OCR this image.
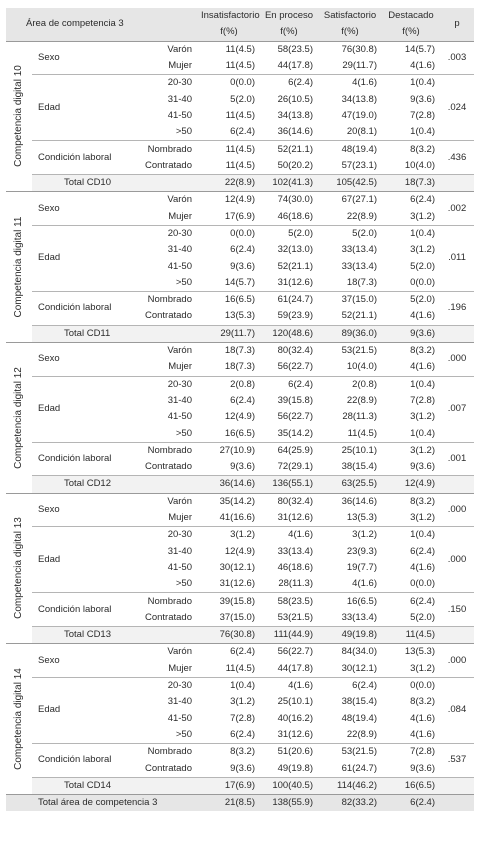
Área de competencia 3			Insatisfactorio	En proceso	Satisfactorio	Destacado	p
			f(%)	f(%)	f(%)	f(%)	

Competencia digital 10	Sexo	Varón	11(4.5)	58(23.5)	76(30.8)	14(5.7)	.003
		Mujer	11(4.5)	44(17.8)	29(11.7)	4(1.6)	
	Edad	20-30	0(0.0)	6(2.4)	4(1.6)	1(0.4)	.024
		31-40	5(2.0)	26(10.5)	34(13.8)	9(3.6)	
		41-50	11(4.5)	34(13.8)	47(19.0)	7(2.8)	
		>50	6(2.4)	36(14.6)	20(8.1)	1(0.4)	
	Condición laboral	Nombrado	11(4.5)	52(21.1)	48(19.4)	8(3.2)	.436
		Contratado	11(4.5)	50(20.2)	57(23.1)	10(4.0)	
	Total CD10		22(8.9)	102(41.3)	105(42.5)	18(7.3)	

Competencia digital 11	Sexo	Varón	12(4.9)	74(30.0)	67(27.1)	6(2.4)	.002
		Mujer	17(6.9)	46(18.6)	22(8.9)	3(1.2)	
	Edad	20-30	0(0.0)	5(2.0)	5(2.0)	1(0.4)	.011
		31-40	6(2.4)	32(13.0)	33(13.4)	3(1.2)	
		41-50	9(3.6)	52(21.1)	33(13.4)	5(2.0)	
		>50	14(5.7)	31(12.6)	18(7.3)	0(0.0)	
	Condición laboral	Nombrado	16(6.5)	61(24.7)	37(15.0)	5(2.0)	.196
		Contratado	13(5.3)	59(23.9)	52(21.1)	4(1.6)	
	Total CD11		29(11.7)	120(48.6)	89(36.0)	9(3.6)	

Competencia digital 12	Sexo	Varón	18(7.3)	80(32.4)	53(21.5)	8(3.2)	.000
		Mujer	18(7.3)	56(22.7)	10(4.0)	4(1.6)	
	Edad	20-30	2(0.8)	6(2.4)	2(0.8)	1(0.4)	.007
		31-40	6(2.4)	39(15.8)	22(8.9)	7(2.8)	
		41-50	12(4.9)	56(22.7)	28(11.3)	3(1.2)	
		>50	16(6.5)	35(14.2)	11(4.5)	1(0.4)	
	Condición laboral	Nombrado	27(10.9)	64(25.9)	25(10.1)	3(1.2)	.001
		Contratado	9(3.6)	72(29.1)	38(15.4)	9(3.6)	
	Total CD12		36(14.6)	136(55.1)	63(25.5)	12(4.9)	

Competencia digital 13	Sexo	Varón	35(14.2)	80(32.4)	36(14.6)	8(3.2)	.000
		Mujer	41(16.6)	31(12.6)	13(5.3)	3(1.2)	
	Edad	20-30	3(1.2)	4(1.6)	3(1.2)	1(0.4)	.000
		31-40	12(4.9)	33(13.4)	23(9.3)	6(2.4)	
		41-50	30(12.1)	46(18.6)	19(7.7)	4(1.6)	
		>50	31(12.6)	28(11.3)	4(1.6)	0(0.0)	
	Condición laboral	Nombrado	39(15.8)	58(23.5)	16(6.5)	6(2.4)	.150
		Contratado	37(15.0)	53(21.5)	33(13.4)	5(2.0)	
	Total CD13		76(30.8)	111(44.9)	49(19.8)	11(4.5)	

Competencia digital 14	Sexo	Varón	6(2.4)	56(22.7)	84(34.0)	13(5.3)	.000
		Mujer	11(4.5)	44(17.8)	30(12.1)	3(1.2)	
	Edad	20-30	1(0.4)	4(1.6)	6(2.4)	0(0.0)	.084
		31-40	3(1.2)	25(10.1)	38(15.4)	8(3.2)	
		41-50	7(2.8)	40(16.2)	48(19.4)	4(1.6)	
		>50	6(2.4)	31(12.6)	22(8.9)	4(1.6)	
	Condición laboral	Nombrado	8(3.2)	51(20.6)	53(21.5)	7(2.8)	.537
		Contratado	9(3.6)	49(19.8)	61(24.7)	9(3.6)	
	Total CD14		17(6.9)	100(40.5)	114(46.2)	16(6.5)	
Total área de competencia 3			21(8.5)	138(55.9)	82(33.2)	6(2.4)	
